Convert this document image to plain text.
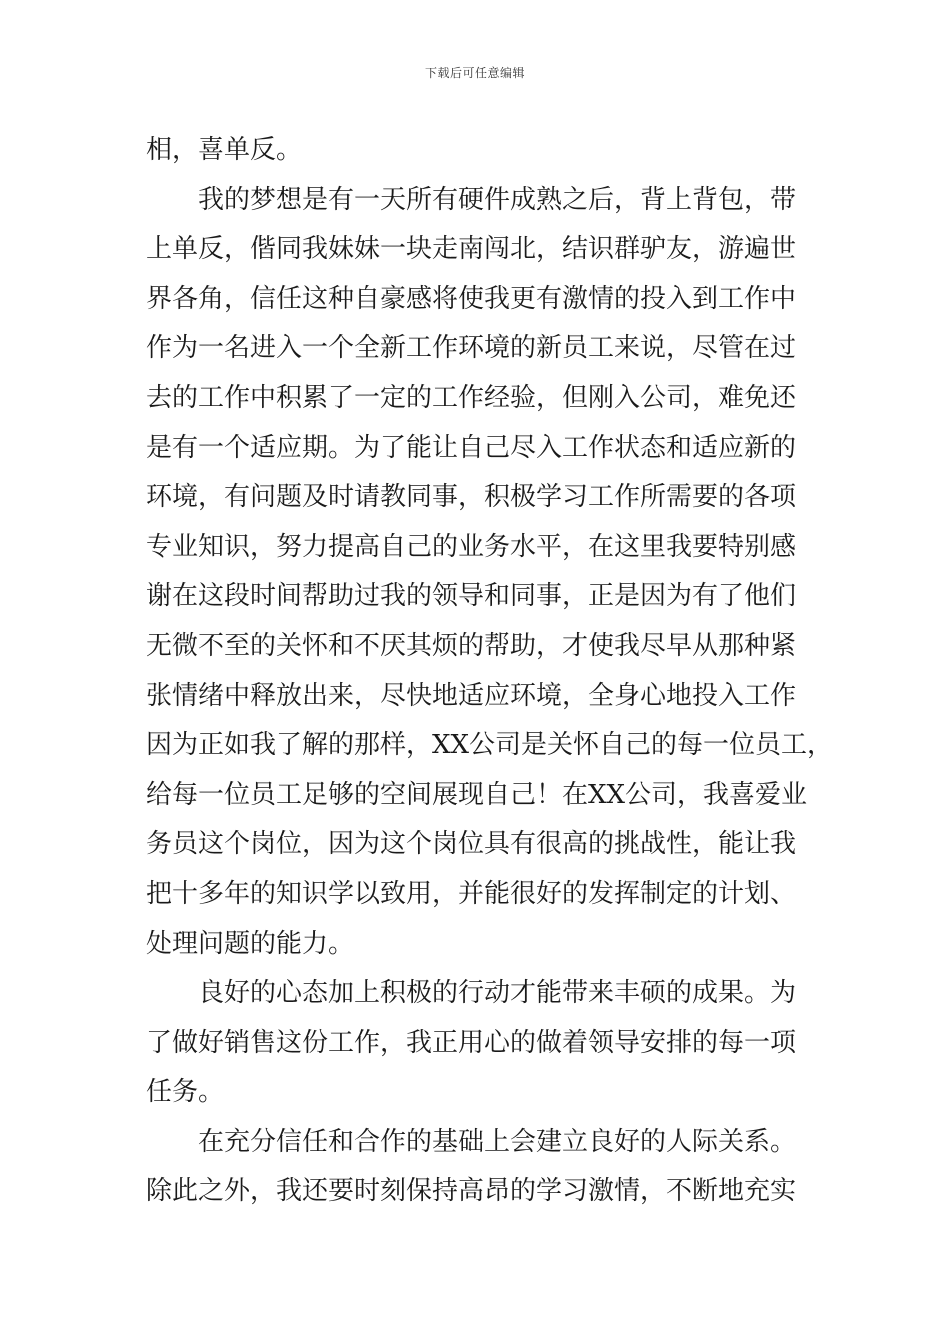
下载后可任意编辑
相，喜单反。
我的梦想是有一天所有硬件成熟之后，背上背包，带
上单反，偕同我妹妹一块走南闯北，结识群驴友，游遍世
界各角，信任这种自豪感将使我更有激情的投入到工作中
作为一名进入一个全新工作环境的新员工来说，尽管在过
去的工作中积累了一定的工作经验，但刚入公司，难免还
是有一个适应期。为了能让自己尽入工作状态和适应新的
环境，有问题及时请教同事，积极学习工作所需要的各项
专业知识，努力提高自己的业务水平，在这里我要特别感
谢在这段时间帮助过我的领导和同事，正是因为有了他们
无微不至的关怀和不厌其烦的帮助，才使我尽早从那种紧
张情绪中释放出来，尽快地适应环境，全身心地投入工作
因为正如我了解的那样，XX公司是关怀自己的每一位员工，
给每一位员工足够的空间展现自己！在XX公司，我喜爱业
务员这个岗位，因为这个岗位具有很高的挑战性，能让我
把十多年的知识学以致用，并能很好的发挥制定的计划、
处理问题的能力。
良好的心态加上积极的行动才能带来丰硕的成果。为
了做好销售这份工作，我正用心的做着领导安排的每一项
任务。
在充分信任和合作的基础上会建立良好的人际关系。
除此之外，我还要时刻保持高昂的学习激情，不断地充实
